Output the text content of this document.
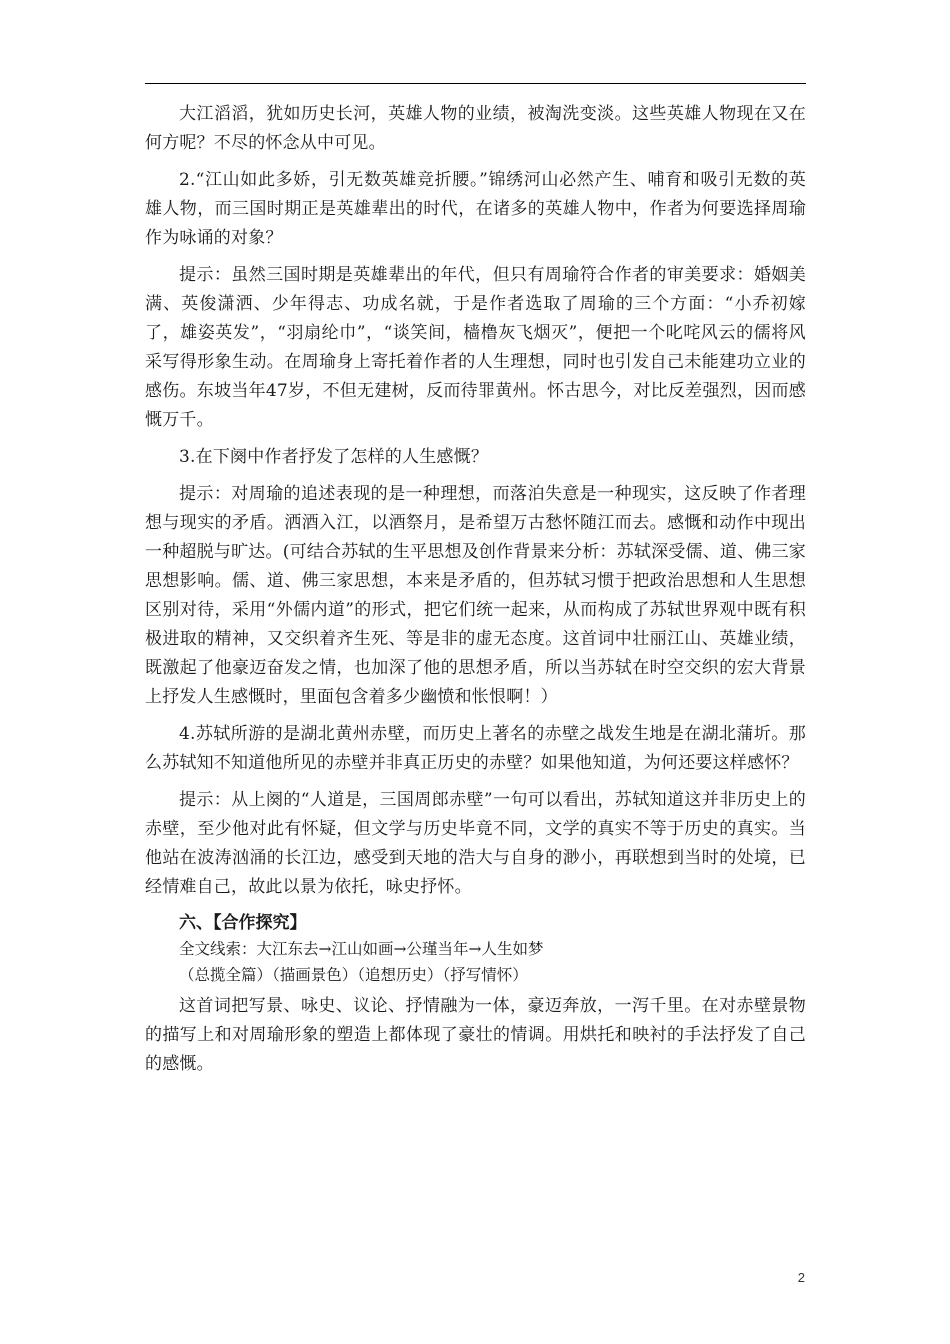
大江滔滔，犹如历史长河，英雄人物的业绩，被淘洗变淡。这些英雄人物现在又在何方呢？不尽的怀念从中可见。

2.“江山如此多娇，引无数英雄竞折腰。”锦绣河山必然产生、哺育和吸引无数的英雄人物，而三国时期正是英雄辈出的时代，在诸多的英雄人物中，作者为何要选择周瑜作为咏诵的对象？

提示：虽然三国时期是英雄辈出的年代，但只有周瑜符合作者的审美要求：婚姻美满、英俊潇洒、少年得志、功成名就，于是作者选取了周瑜的三个方面：“小乔初嫁了，雄姿英发”，“羽扇纶巾”，“谈笑间，樯橹灰飞烟灭”，便把一个叱咤风云的儒将风采写得形象生动。在周瑜身上寄托着作者的人生理想，同时也引发自己未能建功立业的感伤。东坡当年47岁，不但无建树，反而待罪黄州。怀古思今，对比反差强烈，因而感慨万千。

3.在下阕中作者抒发了怎样的人生感慨？

提示：对周瑜的追述表现的是一种理想，而落泊失意是一种现实，这反映了作者理想与现实的矛盾。洒酒入江，以酒祭月，是希望万古愁怀随江而去。感慨和动作中现出一种超脱与旷达。(可结合苏轼的生平思想及创作背景来分析：苏轼深受儒、道、佛三家思想影响。儒、道、佛三家思想，本来是矛盾的，但苏轼习惯于把政治思想和人生思想区别对待，采用“外儒内道”的形式，把它们统一起来，从而构成了苏轼世界观中既有积极进取的精神，又交织着齐生死、等是非的虚无态度。这首词中壮丽江山、英雄业绩，既激起了他豪迈奋发之情，也加深了他的思想矛盾，所以当苏轼在时空交织的宏大背景上抒发人生感慨时，里面包含着多少幽愤和怅恨啊！）

4.苏轼所游的是湖北黄州赤壁，而历史上著名的赤壁之战发生地是在湖北蒲圻。那么苏轼知不知道他所见的赤壁并非真正历史的赤壁？如果他知道，为何还要这样感怀？

提示：从上阕的“人道是，三国周郎赤壁”一句可以看出，苏轼知道这并非历史上的赤壁，至少他对此有怀疑，但文学与历史毕竟不同，文学的真实不等于历史的真实。当他站在波涛汹涌的长江边，感受到天地的浩大与自身的渺小，再联想到当时的处境，已经情难自己，故此以景为依托，咏史抒怀。

六、【合作探究】

全文线索：大江东去→江山如画→公瑾当年→人生如梦

（总揽全篇）（描画景色）（追想历史）（抒写情怀）

这首词把写景、咏史、议论、抒情融为一体，豪迈奔放，一泻千里。在对赤壁景物的描写上和对周瑜形象的塑造上都体现了豪壮的情调。用烘托和映衬的手法抒发了自己的感慨。

2
